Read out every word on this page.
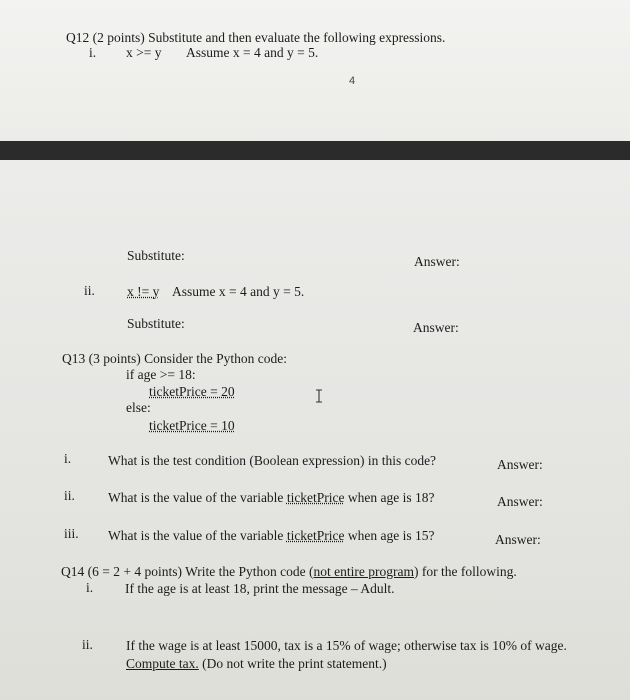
Q12 (2 points) Substitute and then evaluate the following expressions.
i. x >= y Assume x = 4 and y = 5.
4
Substitute:	Answer:
ii. x != y Assume x = 4 and y = 5.
Substitute:	Answer:
Q13 (3 points) Consider the Python code:
if age >= 18:
ticketPrice = 20
else:
ticketPrice = 10
i.	What is the test condition (Boolean expression) in this code?	Answer:
ii. What is the value of the variable ticketPrice when age is 18?	Answer:
iii. What is the value of the variable ticketPrice when age is 15?	Answer:
Q14 (6 = 2 + 4 points) Write the Python code (not entire program) for the following.
i. If the age is at least 18, print the message – Adult.
ii. If the wage is at least 15000, tax is a 15% of wage; otherwise tax is 10% of wage.
Compute tax. (Do not write the print statement.)
